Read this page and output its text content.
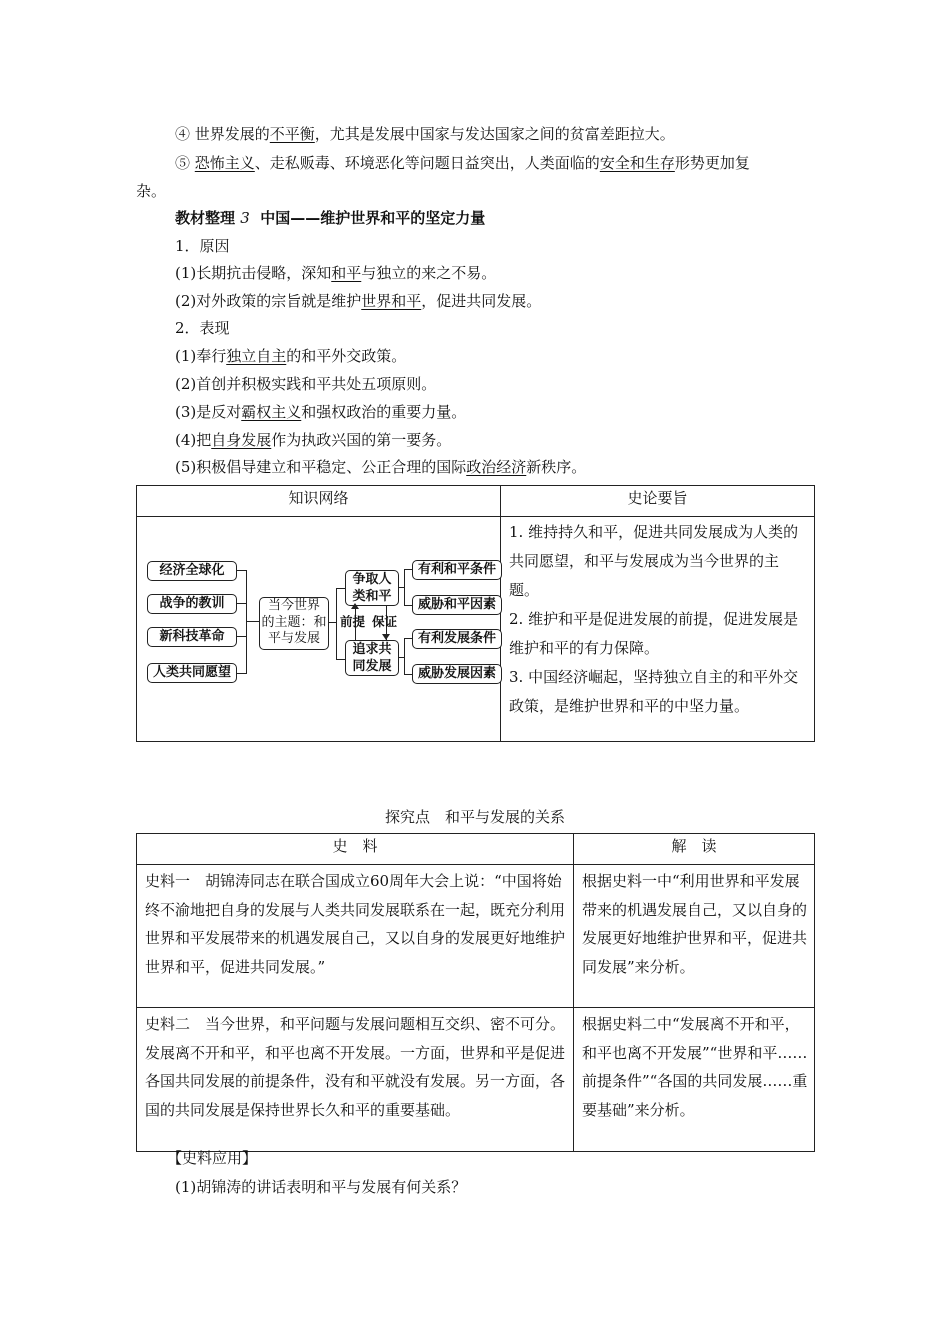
④ 世界发展的不平衡，尤其是发展中国家与发达国家之间的贫富差距拉大。
⑤ 恐怖主义、走私贩毒、环境恶化等问题日益突出，人类面临的安全和生存形势更加复
杂。
教材整理 3 中国——维护世界和平的坚定力量
1．原因
(1)长期抗击侵略，深知和平与独立的来之不易。
(2)对外政策的宗旨就是维护世界和平，促进共同发展。
2．表现
(1)奉行独立自主的和平外交政策。
(2)首创并积极实践和平共处五项原则。
(3)是反对霸权主义和强权政治的重要力量。
(4)把自身发展作为执政兴国的第一要务。
(5)积极倡导建立和平稳定、公正合理的国际政治经济新秩序。
知识网络	史论要旨

	1. 维持持久和平，促进共同发展成为人类的共同愿望，和平与发展成为当今世界的主题。
2. 维护和平是促进发展的前提，促进发展是维护和平的有力保障。
3. 中国经济崛起，坚持独立自主的和平外交政策，是维护世界和平的中坚力量。
经济全球化
战争的教训
新科技革命
人类共同愿望
当今世界
的主题：和
平与发展
争取人
类和平
追求共
同发展
前提 保证
有利和平条件
威胁和平因素
有利发展条件
威胁发展因素
探究点　和平与发展的关系
史　料	解　读
史料一　胡锦涛同志在联合国成立60周年大会上说：“中国将始终不渝地把自身的发展与人类共同发展联系在一起，既充分利用世界和平发展带来的机遇发展自己，又以自身的发展更好地维护世界和平，促进共同发展。”	根据史料一中“利用世界和平发展带来的机遇发展自己，又以自身的发展更好地维护世界和平，促进共同发展”来分析。
史料二　当今世界，和平问题与发展问题相互交织、密不可分。发展离不开和平，和平也离不开发展。一方面，世界和平是促进各国共同发展的前提条件，没有和平就没有发展。另一方面，各国的共同发展是保持世界长久和平的重要基础。	根据史料二中“发展离不开和平，和平也离不开发展”“世界和平……前提条件”“各国的共同发展……重要基础”来分析。
【史料应用】
(1)胡锦涛的讲话表明和平与发展有何关系？
